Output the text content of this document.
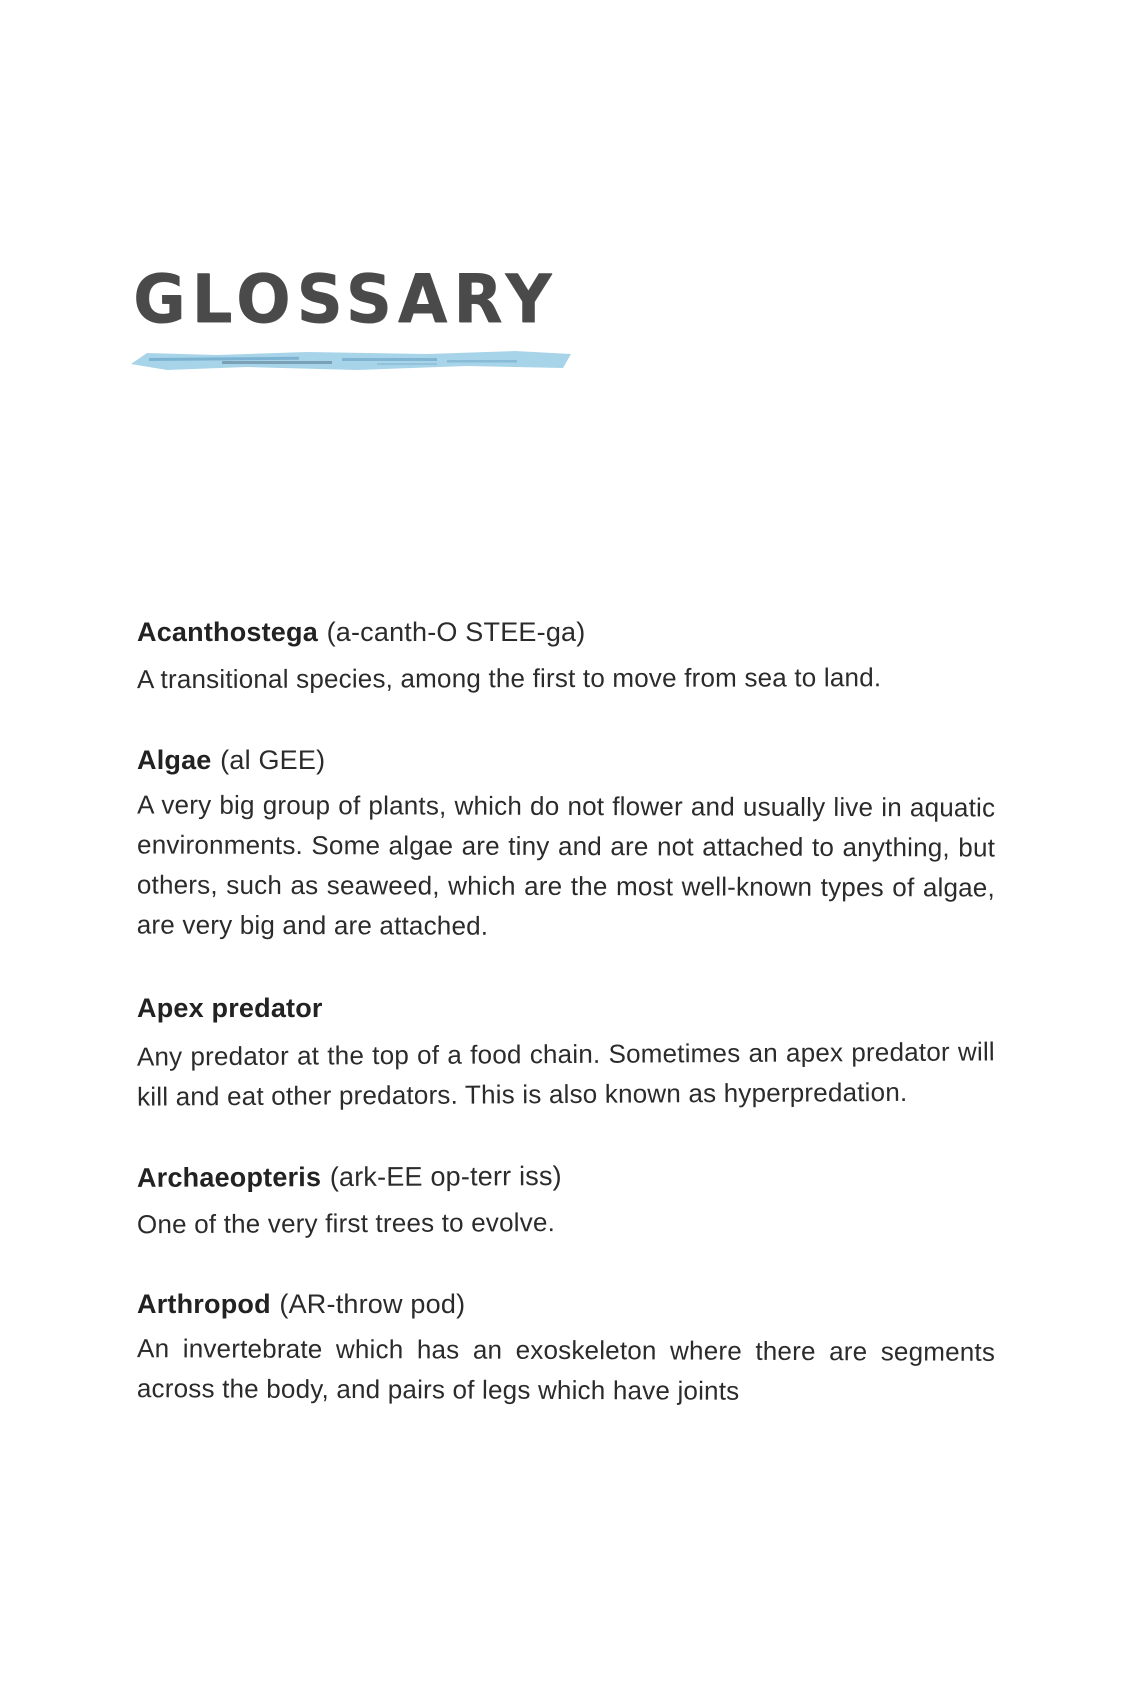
GLOSSARY

Acanthostega (a-canth-O STEE-ga)

A transitional species, among the first to move from sea to land.

Algae (al GEE)

A very big group of plants, which do not flower and usually live in aquatic environments. Some algae are tiny and are not attached to anything, but others, such as seaweed, which are the most well-known types of algae, are very big and are attached.

Apex predator

Any predator at the top of a food chain. Sometimes an apex predator will kill and eat other predators. This is also known as hyperpredation.

Archaeopteris (ark-EE op-terr iss)

One of the very first trees to evolve.

Arthropod (AR-throw pod)

An invertebrate which has an exoskeleton where there are segments across the body, and pairs of legs which have joints
